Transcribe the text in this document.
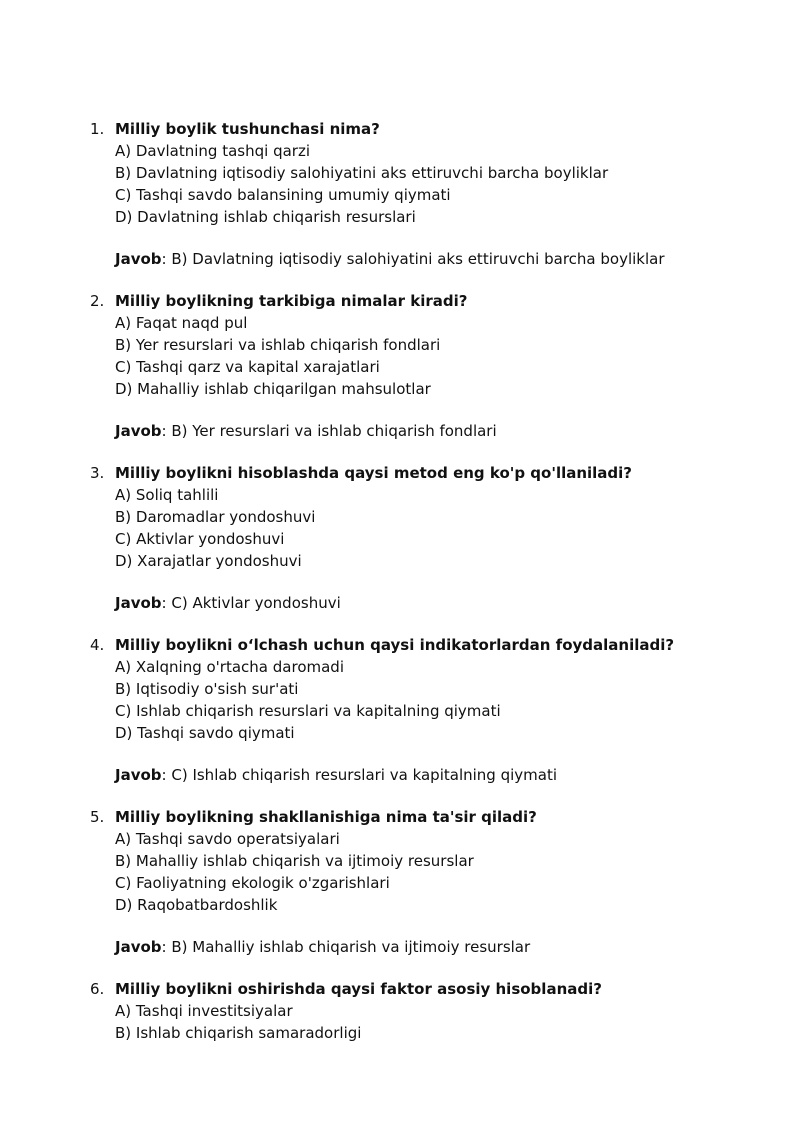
1. Milliy boylik tushunchasi nima?
A) Davlatning tashqi qarzi
B) Davlatning iqtisodiy salohiyatini aks ettiruvchi barcha boyliklar
C) Tashqi savdo balansining umumiy qiymati
D) Davlatning ishlab chiqarish resurslari
Javob: B) Davlatning iqtisodiy salohiyatini aks ettiruvchi barcha boyliklar
2. Milliy boylikning tarkibiga nimalar kiradi?
A) Faqat naqd pul
B) Yer resurslari va ishlab chiqarish fondlari
C) Tashqi qarz va kapital xarajatlari
D) Mahalliy ishlab chiqarilgan mahsulotlar
Javob: B) Yer resurslari va ishlab chiqarish fondlari
3. Milliy boylikni hisoblashda qaysi metod eng ko'p qo'llaniladi?
A) Soliq tahlili
B) Daromadlar yondoshuvi
C) Aktivlar yondoshuvi
D) Xarajatlar yondoshuvi
Javob: C) Aktivlar yondoshuvi
4. Milliy boylikni o‘lchash uchun qaysi indikatorlardan foydalaniladi?
A) Xalqning o'rtacha daromadi
B) Iqtisodiy o'sish sur'ati
C) Ishlab chiqarish resurslari va kapitalning qiymati
D) Tashqi savdo qiymati
Javob: C) Ishlab chiqarish resurslari va kapitalning qiymati
5. Milliy boylikning shakllanishiga nima ta'sir qiladi?
A) Tashqi savdo operatsiyalari
B) Mahalliy ishlab chiqarish va ijtimoiy resurslar
C) Faoliyatning ekologik o'zgarishlari
D) Raqobatbardoshlik
Javob: B) Mahalliy ishlab chiqarish va ijtimoiy resurslar
6. Milliy boylikni oshirishda qaysi faktor asosiy hisoblanadi?
A) Tashqi investitsiyalar
B) Ishlab chiqarish samaradorligi
